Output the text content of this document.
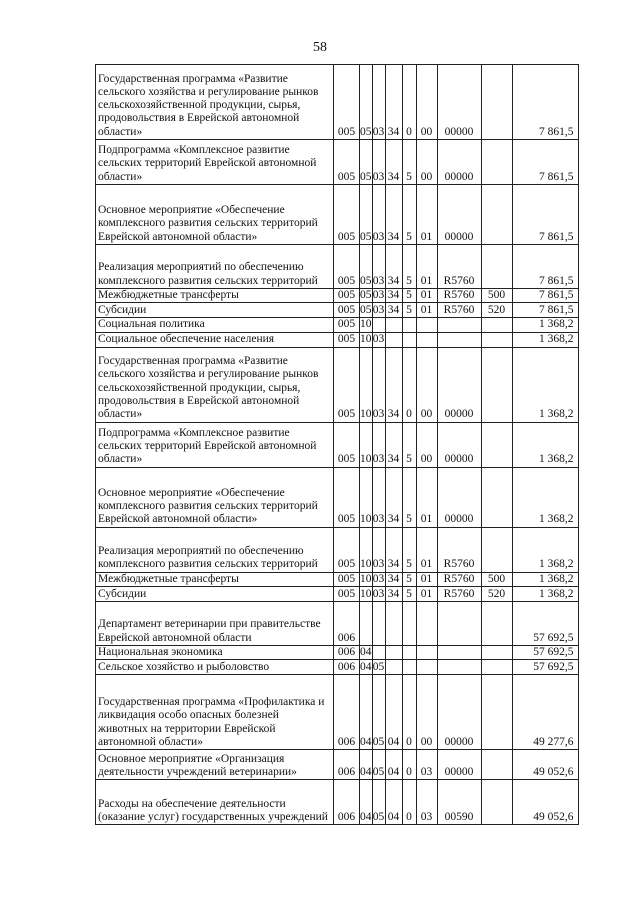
58
Государственная программа «Развитие сельского хозяйства и регулирование рынков сельскохозяйственной продукции, сырья, продовольствия в Еврейской автономной области»	005	05	03	34	0	00	00000		7 861,5
Подпрограмма «Комплексное развитие сельских территорий Еврейской автономной области»	005	05	03	34	5	00	00000		7 861,5
Основное мероприятие «Обеспечение комплексного развития сельских территорий Еврейской автономной области»	005	05	03	34	5	01	00000		7 861,5
Реализация мероприятий по обеспечению комплексного развития сельских территорий	005	05	03	34	5	01	R5760		7 861,5
Межбюджетные трансферты	005	05	03	34	5	01	R5760	500	7 861,5
Субсидии	005	05	03	34	5	01	R5760	520	7 861,5
Социальная политика	005	10							1 368,2
Социальное обеспечение населения	005	10	03						1 368,2
Государственная программа «Развитие сельского хозяйства и регулирование рынков сельскохозяйственной продукции, сырья, продовольствия в Еврейской автономной области»	005	10	03	34	0	00	00000		1 368,2
Подпрограмма «Комплексное развитие сельских территорий Еврейской автономной области»	005	10	03	34	5	00	00000		1 368,2
Основное мероприятие «Обеспечение комплексного развития сельских территорий Еврейской автономной области»	005	10	03	34	5	01	00000		1 368,2
Реализация мероприятий по обеспечению комплексного развития сельских территорий	005	10	03	34	5	01	R5760		1 368,2
Межбюджетные трансферты	005	10	03	34	5	01	R5760	500	1 368,2
Субсидии	005	10	03	34	5	01	R5760	520	1 368,2
Департамент ветеринарии при правительстве Еврейской автономной области	006								57 692,5
Национальная экономика	006	04							57 692,5
Сельское хозяйство и рыболовство	006	04	05						57 692,5
Государственная программа «Профилактика и ликвидация особо опасных болезней животных на территории Еврейской автономной области»	006	04	05	04	0	00	00000		49 277,6
Основное мероприятие «Организация деятельности учреждений ветеринарии»	006	04	05	04	0	03	00000		49 052,6
Расходы на обеспечение деятельности (оказание услуг) государственных учреждений	006	04	05	04	0	03	00590		49 052,6
